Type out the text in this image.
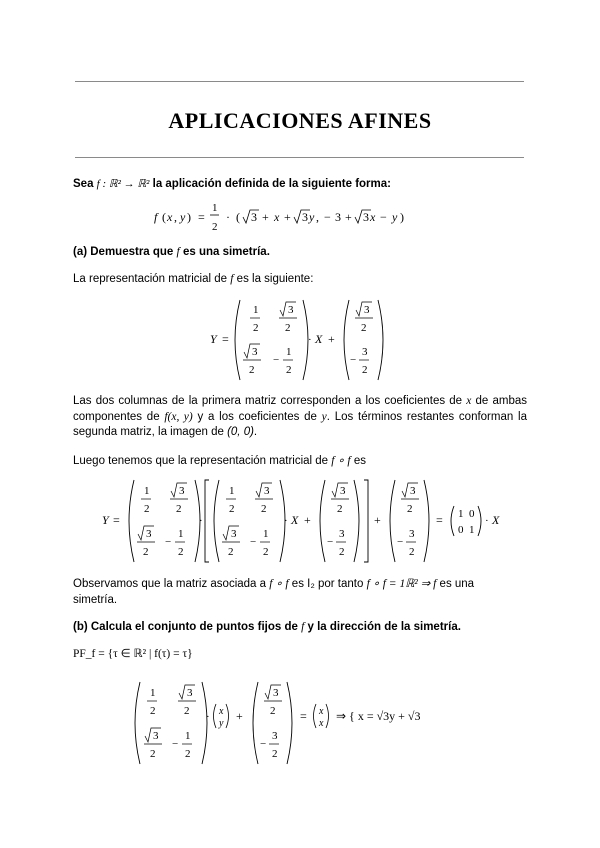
APLICACIONES AFINES
Sea f : ℝ² → ℝ² la aplicación definida de la siguiente forma:
f ( x , y ) =
1
2
· ( 3 + x + 3 y , − 3 + 3 x − y )
(a) Demuestra que f es una simetría.
La representación matricial de f es la siguiente:
Y =
1
2
3
2
3
2
−
1
2
· X +
3
2
−
3
2
Las dos columnas de la primera matriz corresponden a los coeficientes de x de ambas componentes de f(x, y) y a los coeficientes de y. Los términos restantes conforman la segunda matriz, la imagen de (0, 0).
Luego tenemos que la representación matricial de f ∘ f es
Y =
1
2
3
2
3
2
−
1
2
·
1
2
3
2
3
2
−
1
2
· X +
3
2
−
3
2
+
3
2
−
3
2
= 1 0
0 1
· X
Observamos que la matriz asociada a f ∘ f es I₂ por tanto f ∘ f = 1ℝ² ⇒ f es una
simetría.
(b) Calcula el conjunto de puntos fijos de f y la dirección de la simetría.
PF_f = {τ ∈ ℝ² | f(τ) = τ}
1
2
3
2
3
2
−
1
2
· x
y
+
3
2
−
3
2
= x
x
⇒ { x = √3y + √3
